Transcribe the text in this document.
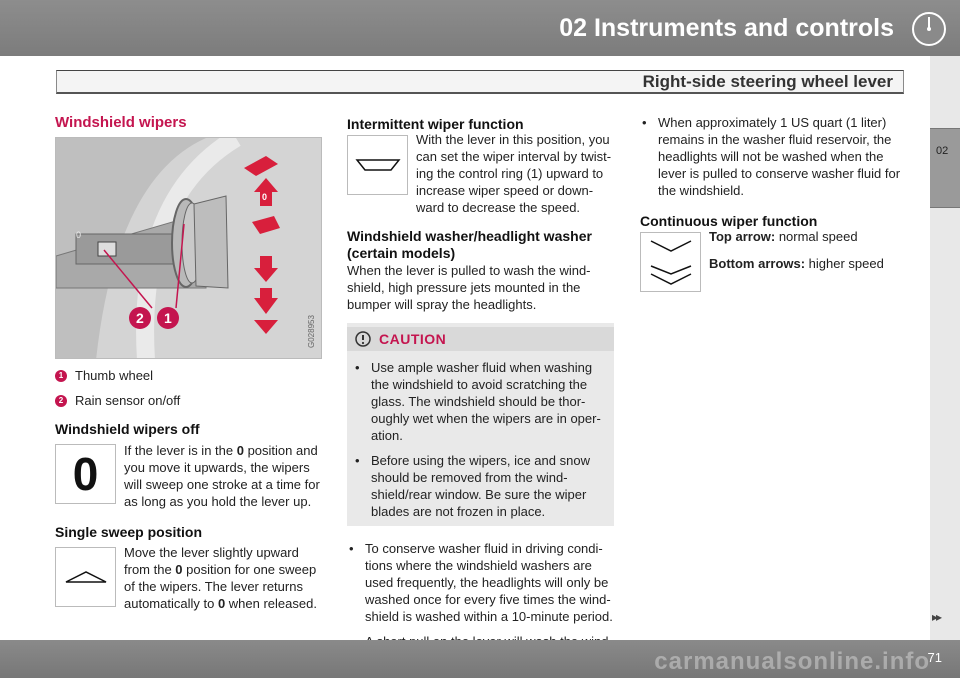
02 Instruments and controls
Right-side steering wheel lever
02
Windshield wipers
0
0
2 1	G028953
1 Thumb wheel
2 Rain sensor on/off
Windshield wipers off
0 If the lever is in the 0 position and you move it upwards, the wipers will sweep one stroke at a time for as long as you hold the lever up.
Single sweep position
Move the lever slightly upward from the 0 position for one sweep of the wipers. The lever returns automatically to 0 when released.
Intermittent wiper function
With the lever in this position, you can set the wiper interval by twist-ing the control ring (1) upward to increase wiper speed or down-ward to decrease the speed.
Windshield washer/headlight washer (certain models)
When the lever is pulled to wash the wind-shield, high pressure jets mounted in the bumper will spray the headlights.
CAUTION
• Use ample washer fluid when washing the windshield to avoid scratching the glass. The windshield should be thor-oughly wet when the wipers are in oper-ation.
• Before using the wipers, ice and snow should be removed from the wind-shield/rear window. Be sure the wiper blades are not frozen in place.
• To conserve washer fluid in driving condi-tions where the windshield washers are used frequently, the headlights will only be washed once for every five times the wind-shield is washed within a 10-minute period.
• When approximately 1 US quart (1 liter) remains in the washer fluid reservoir, the headlights will not be washed when the lever is pulled to conserve washer fluid for the windshield.
Continuous wiper function
Top arrow: normal speed
Bottom arrows: higher speed
▸▸
carmanualsonline.info
71
